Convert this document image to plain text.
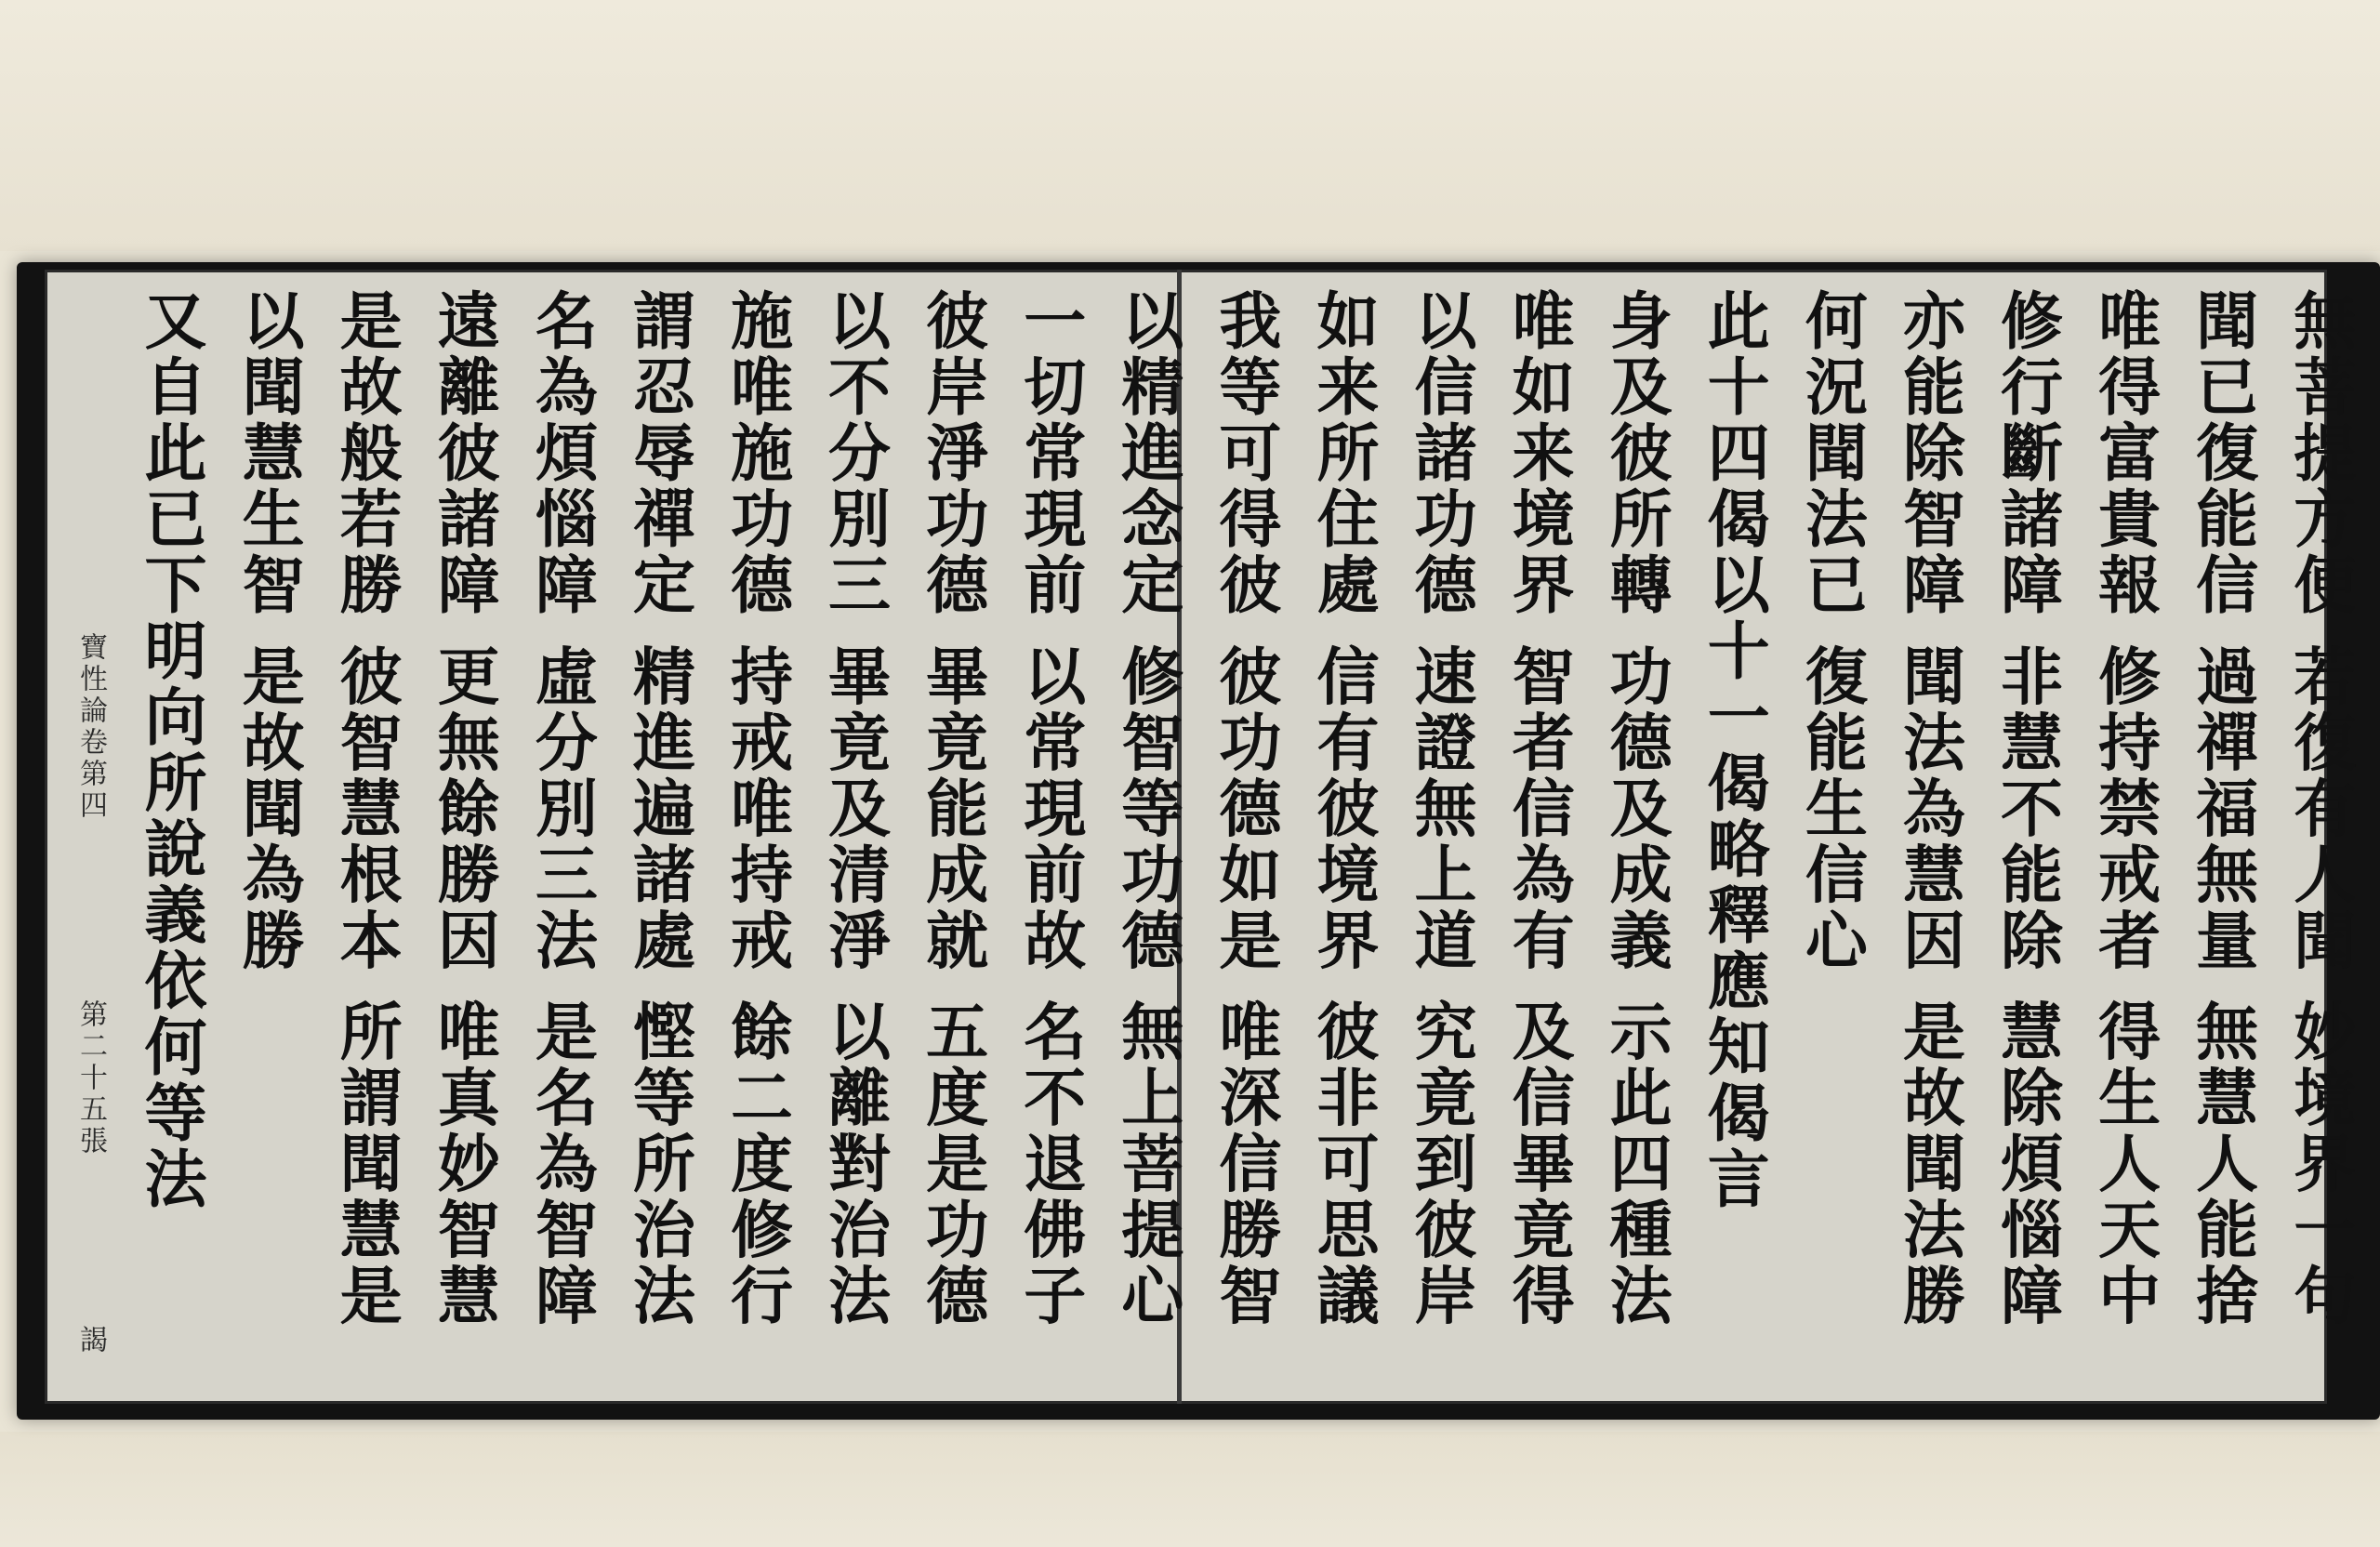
無菩提方便 若復有人聞 妙境界一句
聞已復能信 過禪福無量 無慧人能捨
唯得富貴報 修持禁戒者 得生人天中
修行斷諸障 非慧不能除 慧除煩惱障
亦能除智障 聞法為慧因 是故聞法勝
何況聞法已 復能生信心
此十四偈以十一偈略釋應知偈言
身及彼所轉 功德及成義 示此四種法
唯如来境界 智者信為有 及信畢竟得
以信諸功德 速證無上道 究竟到彼岸
如来所住處 信有彼境界 彼非可思議
我等可得彼 彼功德如是 唯深信勝智
以精進念定 修智等功德 無上菩提心
一切常現前 以常現前故 名不退佛子
彼岸淨功德 畢竟能成就 五度是功德
以不分別三 畢竟及清淨 以離對治法
施唯施功德 持戒唯持戒 餘二度修行
謂忍辱禪定 精進遍諸處 慳等所治法
名為煩惱障 虛分別三法 是名為智障
遠離彼諸障 更無餘勝因 唯真妙智慧
是故般若勝 彼智慧根本 所謂聞慧是
以聞慧生智 是故聞為勝
又自此已下明向所說義依何等法
寶性論卷第四
第二十五張
謁
